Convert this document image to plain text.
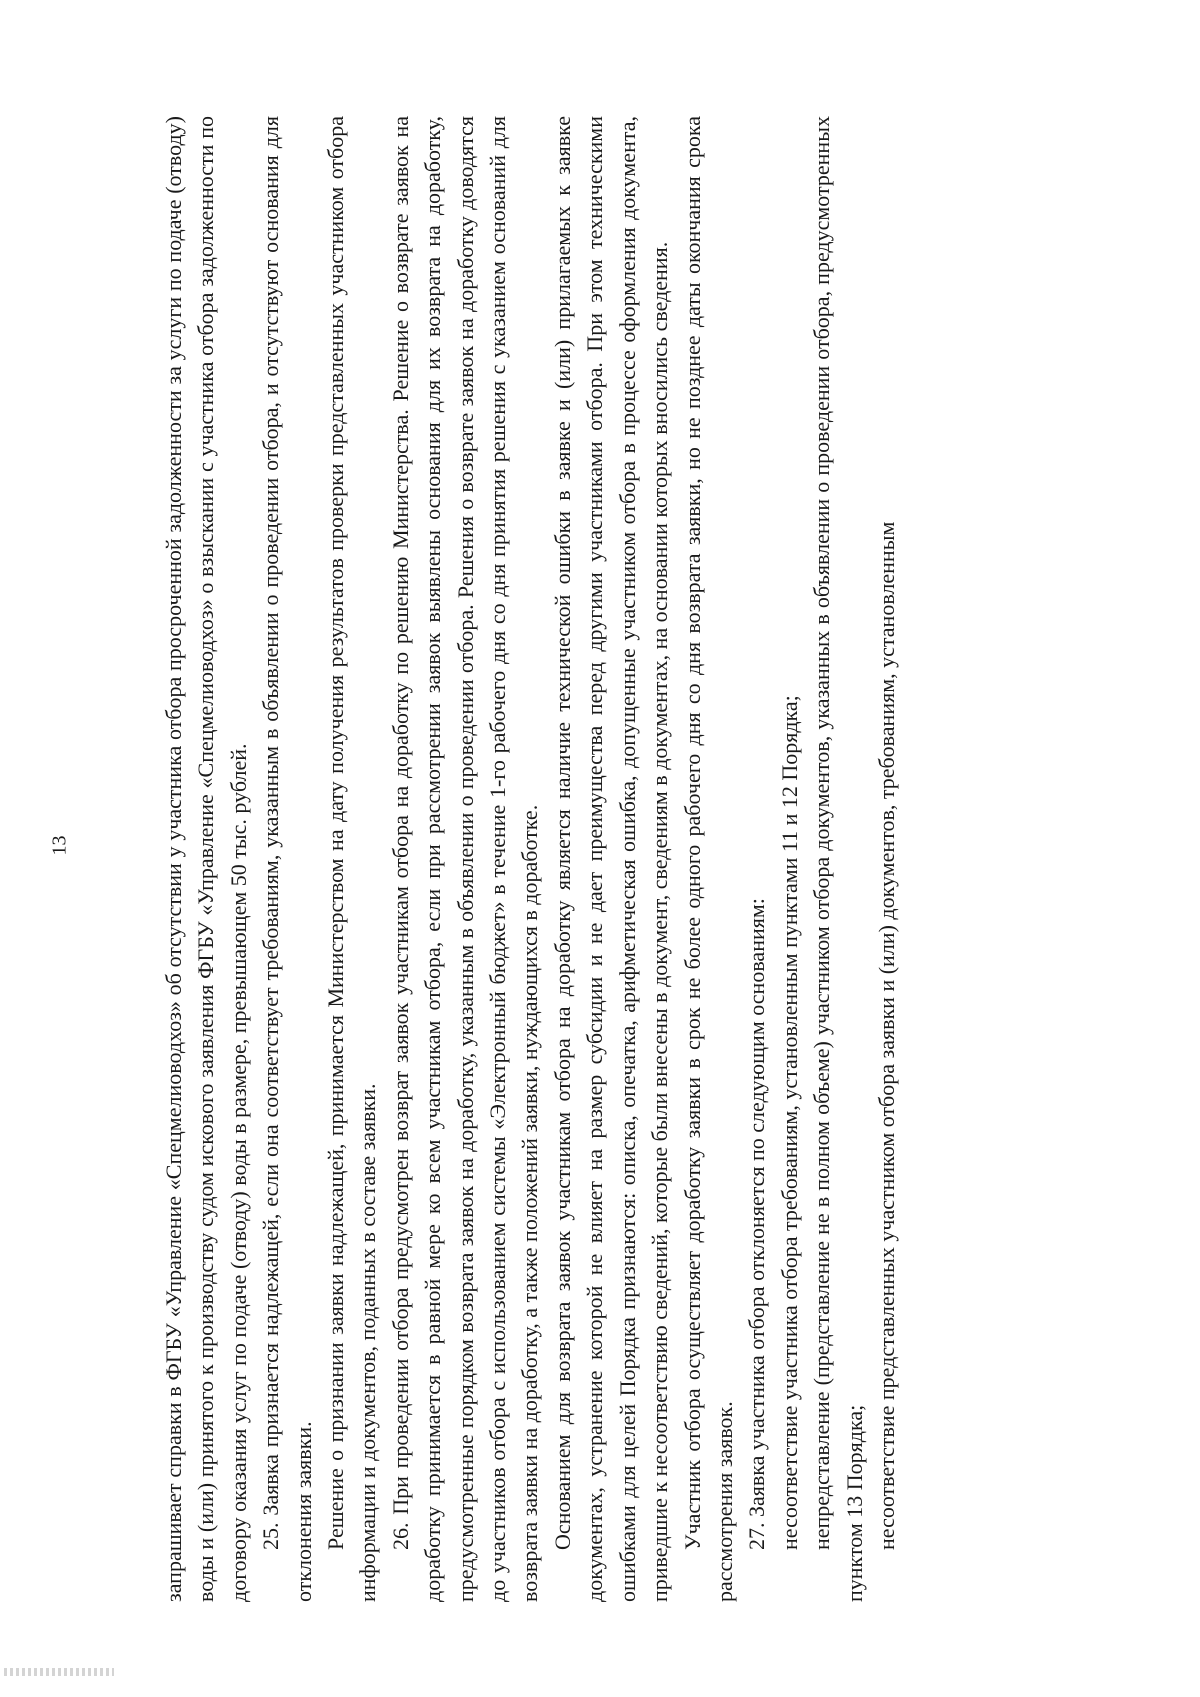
13	запрашивает справки в ФГБУ «Управление «Спецмелиоводхоз» об отсутствии у участника отбора просроченной задолженности за услуги по подаче (отводу) воды и (или) принятого к производству судом искового заявления ФГБУ «Управление «Спецмелиоводхоз» о взыскании с участника отбора задолженности по договору оказания услуг по подаче (отводу) воды в размере, превышающем 50 тыс. рублей. 25. Заявка признается надлежащей, если она соответствует требованиям, указанным в объявлении о проведении отбора, и отсутствуют основания для отклонения заявки. Решение о признании заявки надлежащей, принимается Министерством на дату получения результатов проверки представленных участником отбора информации и документов, поданных в составе заявки. 26. При проведении отбора предусмотрен возврат заявок участникам отбора на доработку по решению Министерства. Решение о возврате заявок на доработку принимается в равной мере ко всем участникам отбора, если при рассмотрении заявок выявлены основания для их возврата на доработку, предусмотренные порядком возврата заявок на доработку, указанным в объявлении о проведении отбора. Решения о возврате заявок на доработку доводятся до участников отбора с использованием системы «Электронный бюджет» в течение 1-го рабочего дня со дня принятия решения с указанием оснований для возврата заявки на доработку, а также положений заявки, нуждающихся в доработке. Основанием для возврата заявок участникам отбора на доработку является наличие технической ошибки в заявке и (или) прилагаемых к заявке документах, устранение которой не влияет на размер субсидии и не дает преимущества перед другими участниками отбора. При этом техническими ошибками для целей Порядка признаются: описка, опечатка, арифметическая ошибка, допущенные участником отбора в процессе оформления документа, приведшие к несоответствию сведений, которые были внесены в документ, сведениям в документах, на основании которых вносились сведения. Участник отбора осуществляет доработку заявки в срок не более одного рабочего дня со дня возврата заявки, но не позднее даты окончания срока рассмотрения заявок. 27. Заявка участника отбора отклоняется по следующим основаниям: несоответствие участника отбора требованиям, установленным пунктами 11 и 12 Порядка; непредставление (представление не в полном объеме) участником отбора документов, указанных в объявлении о проведении отбора, предусмотренных пунктом 13 Порядка; несоответствие представленных участником отбора заявки и (или) документов, требованиям, установленным
